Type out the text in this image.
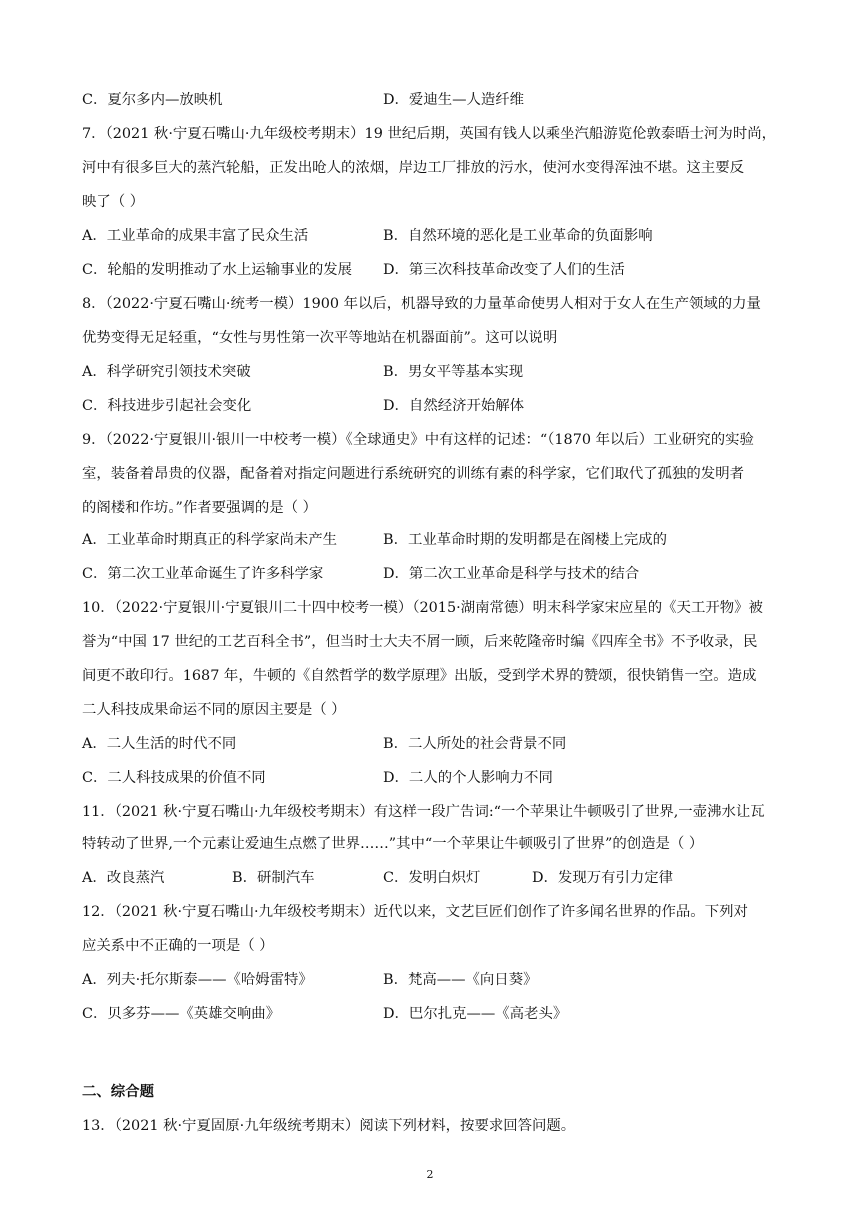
C．夏尔多内—放映机	D．爱迪生—人造纤维
7．（2021 秋·宁夏石嘴山·九年级校考期末）19 世纪后期，英国有钱人以乘坐汽船游览伦敦泰晤士河为时尚，
河中有很多巨大的蒸汽轮船，正发出呛人的浓烟，岸边工厂排放的污水，使河水变得浑浊不堪。这主要反
映了（ ）
A．工业革命的成果丰富了民众生活	B．自然环境的恶化是工业革命的负面影响
C．轮船的发明推动了水上运输事业的发展 D．第三次科技革命改变了人们的生活
8．（2022·宁夏石嘴山·统考一模）1900 年以后，机器导致的力量革命使男人相对于女人在生产领域的力量
优势变得无足轻重，“女性与男性第一次平等地站在机器面前”。这可以说明
A．科学研究引领技术突破	B．男女平等基本实现
C．科技进步引起社会变化	D．自然经济开始解体
9．（2022·宁夏银川·银川一中校考一模）《全球通史》中有这样的记述：“（1870 年以后）工业研究的实验
室，装备着昂贵的仪器，配备着对指定问题进行系统研究的训练有素的科学家，它们取代了孤独的发明者
的阁楼和作坊。”作者要强调的是（ ）
A．工业革命时期真正的科学家尚未产生	B．工业革命时期的发明都是在阁楼上完成的
C．第二次工业革命诞生了许多科学家	D．第二次工业革命是科学与技术的结合
10．（2022·宁夏银川·宁夏银川二十四中校考一模）（2015·湖南常德）明末科学家宋应星的《天工开物》被
誉为“中国 17 世纪的工艺百科全书”，但当时士大夫不屑一顾，后来乾隆帝时编《四库全书》不予收录，民
间更不敢印行。1687 年，牛顿的《自然哲学的数学原理》出版，受到学术界的赞颂，很快销售一空。造成
二人科技成果命运不同的原因主要是（ ）
A．二人生活的时代不同	B．二人所处的社会背景不同
C．二人科技成果的价值不同	D．二人的个人影响力不同
11．（2021 秋·宁夏石嘴山·九年级校考期末）有这样一段广告词:“一个苹果让牛顿吸引了世界,一壶沸水让瓦
特转动了世界,一个元素让爱迪生点燃了世界……”其中“一个苹果让牛顿吸引了世界”的创造是（ ）
A．改良蒸汽	B．研制汽车	C．发明白炽灯	D．发现万有引力定律
12．（2021 秋·宁夏石嘴山·九年级校考期末）近代以来，文艺巨匠们创作了许多闻名世界的作品。下列对
应关系中不正确的一项是（ ）
A．列夫·托尔斯泰——《哈姆雷特》	B．梵高——《向日葵》
C．贝多芬——《英雄交响曲》	D．巴尔扎克——《高老头》
二、综合题
13．（2021 秋·宁夏固原·九年级统考期末）阅读下列材料，按要求回答问题。
2
